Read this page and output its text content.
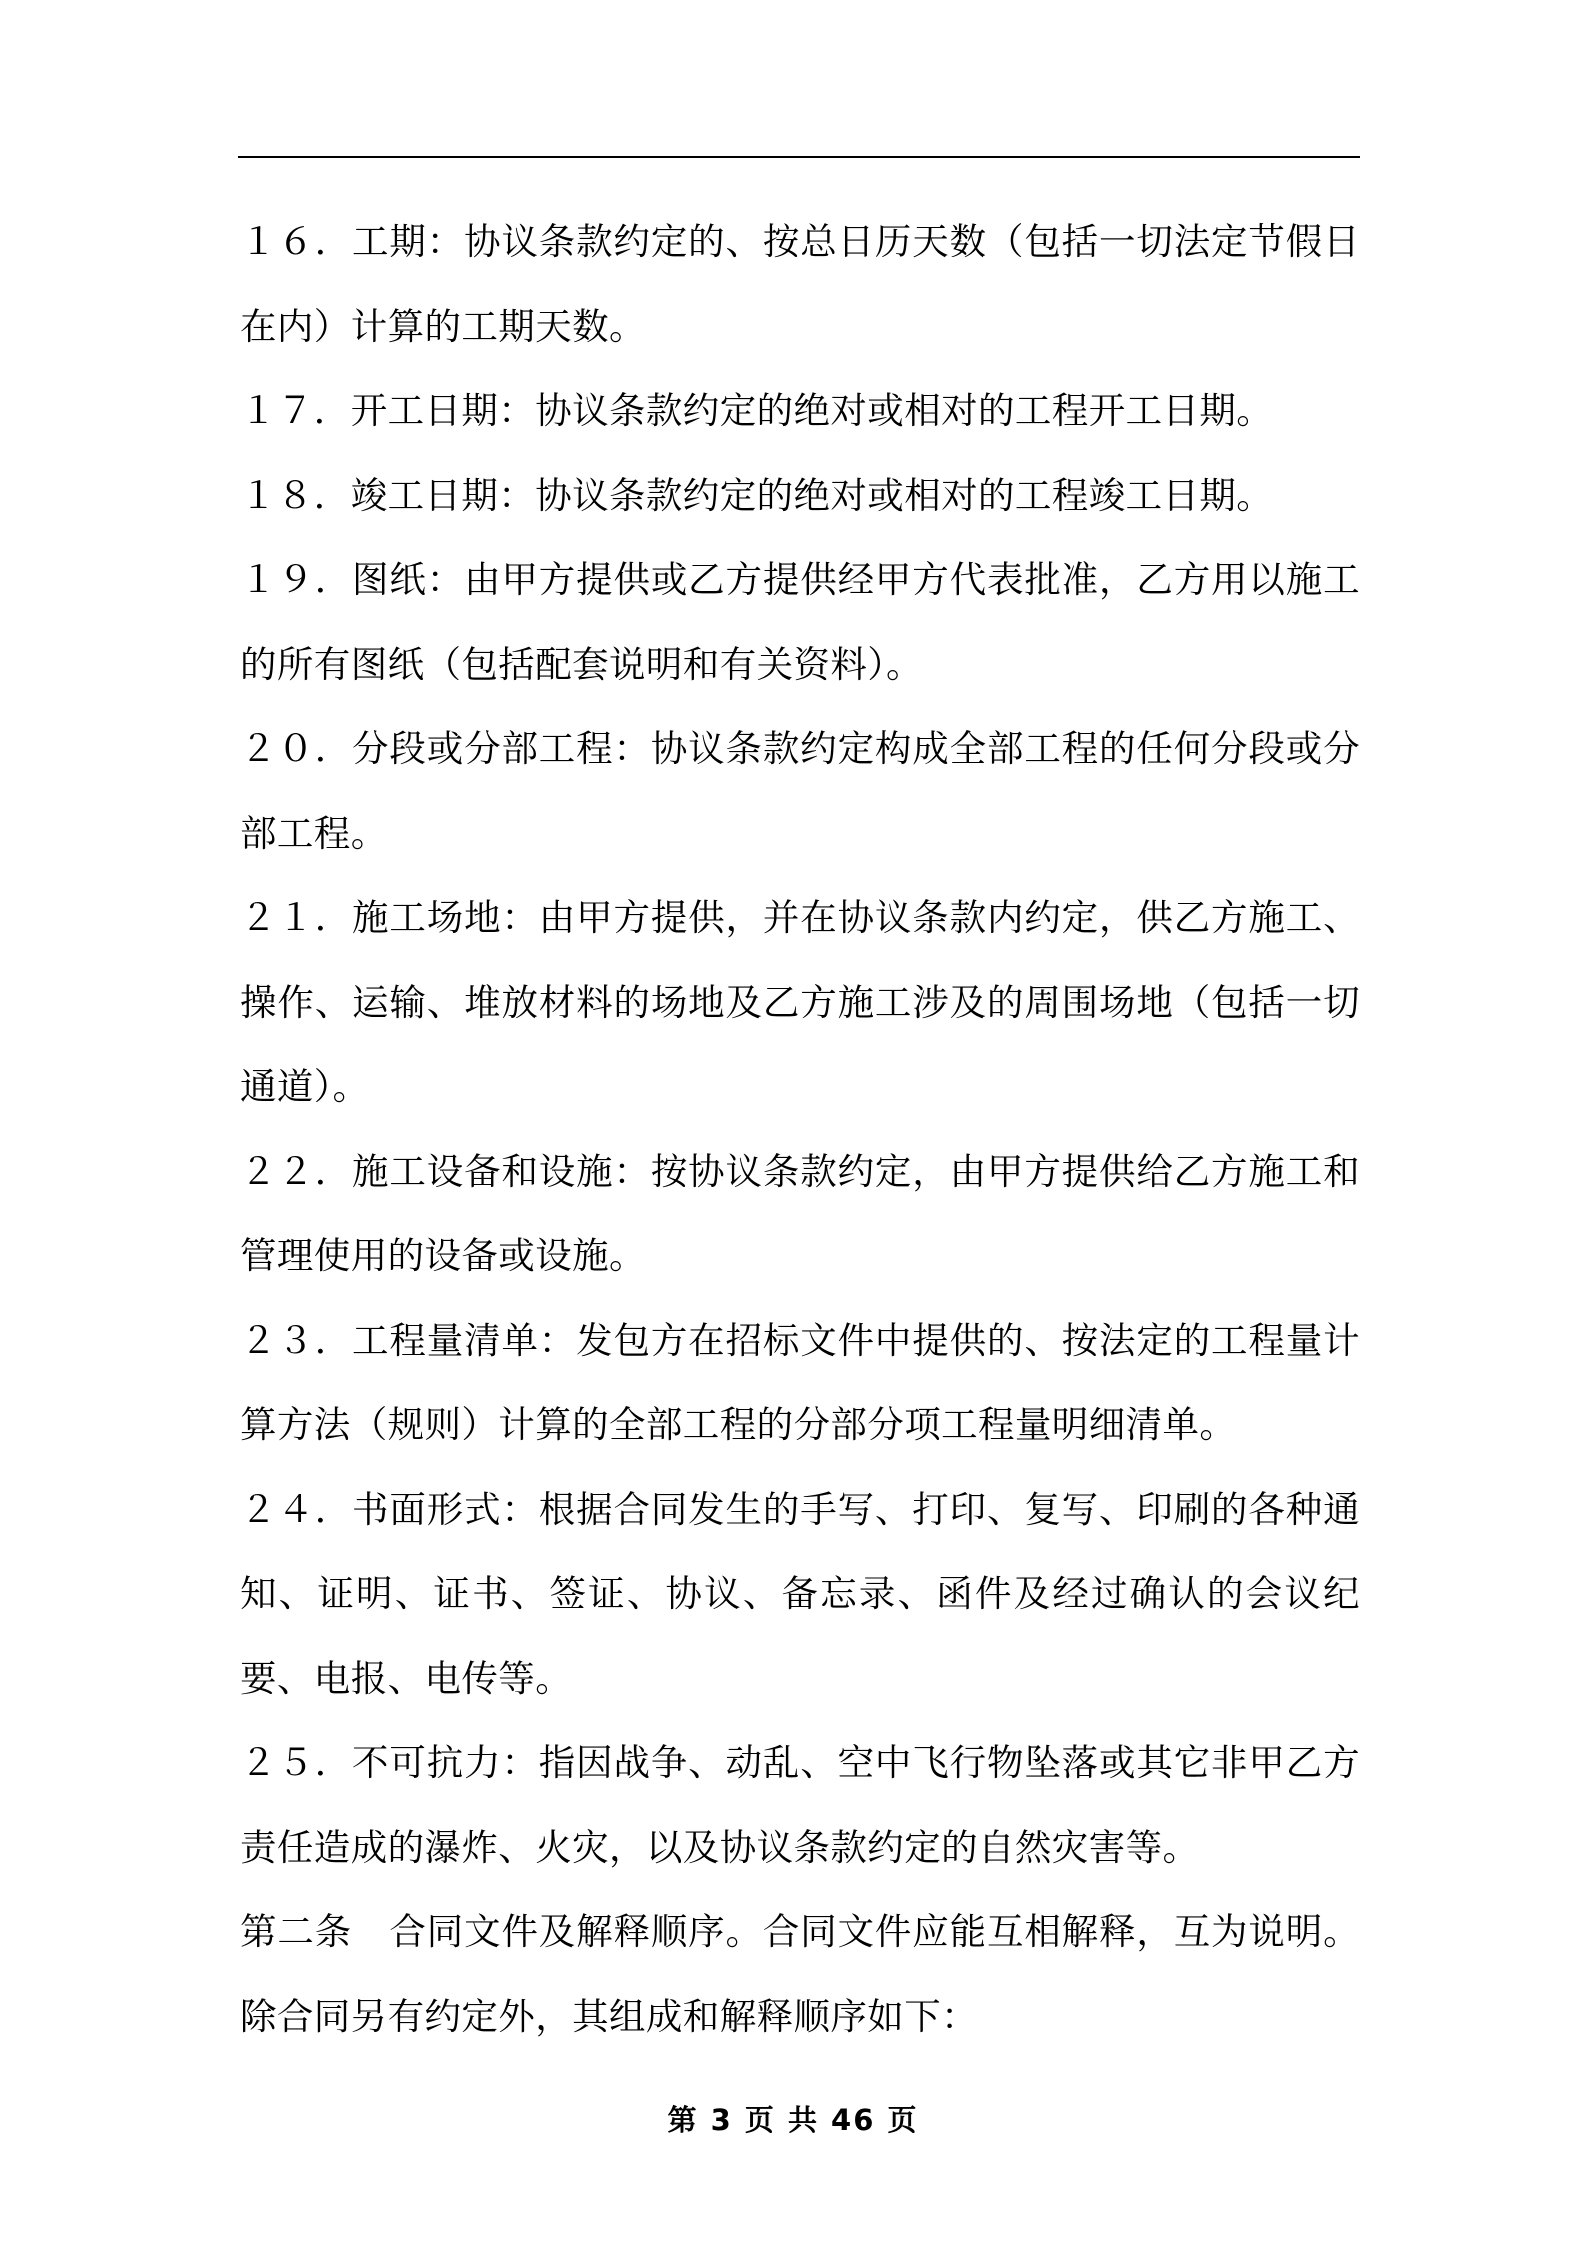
１６．工期：协议条款约定的、按总日历天数（包括一切法定节假日在内）计算的工期天数。

１７．开工日期：协议条款约定的绝对或相对的工程开工日期。

１８．竣工日期：协议条款约定的绝对或相对的工程竣工日期。

１９．图纸：由甲方提供或乙方提供经甲方代表批准，乙方用以施工的所有图纸（包括配套说明和有关资料）。

２０．分段或分部工程：协议条款约定构成全部工程的任何分段或分部工程。

２１．施工场地：由甲方提供，并在协议条款内约定，供乙方施工、操作、运输、堆放材料的场地及乙方施工涉及的周围场地（包括一切通道）。

２２．施工设备和设施：按协议条款约定，由甲方提供给乙方施工和管理使用的设备或设施。

２３．工程量清单：发包方在招标文件中提供的、按法定的工程量计算方法（规则）计算的全部工程的分部分项工程量明细清单。

２４．书面形式：根据合同发生的手写、打印、复写、印刷的各种通知、证明、证书、签证、协议、备忘录、函件及经过确认的会议纪要、电报、电传等。

２５．不可抗力：指因战争、动乱、空中飞行物坠落或其它非甲乙方责任造成的瀑炸、火灾，以及协议条款约定的自然灾害等。

第二条　合同文件及解释顺序。合同文件应能互相解释，互为说明。除合同另有约定外，其组成和解释顺序如下：

第 3 页 共 46 页
